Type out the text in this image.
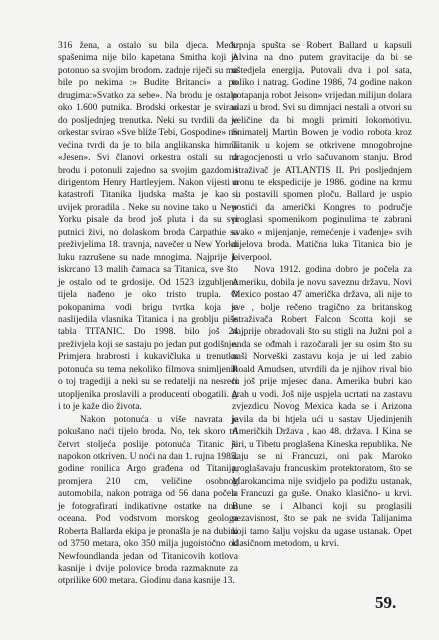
316 žena, a ostalo su bila djeca. Među spašenima nije bilo kapetana Smitha koji je potonuo sa svojim brodom. zadnje riječi su mu bile po nekima :» Budite Britanci» a po drugima:»Svatko za sebe». Na brodu je ostalo oko 1.600 putnika. Brodski orkestar je svirao do posljednjeg trenutka. Neki su tvrdili da je orkestar svirao «Sve bliže Tebi, Gospodine» no većina tvrdi da je to bila anglikanska himna «Jesen». Svi članovi orkestra ostali su na brodu i potonuli zajedno sa svojim gazdom i dirigentom Henry Hartleyjem. Nakon vijesti o katastrofi Titanika ljudska mašta je kao i uvijek proradila . Neke su novine tako u New Yorku pisale da brod još pluta i da su svi putnici živi, no dolaskom broda Carpathie sa preživjelima 18. travnja, navečer u New Yorku luku razrušene su nade mnogima. Najprije je iskrcano 13 malih čamaca sa Titanica, sve što je ostalo od te grdosije. Od 1523 izgubljena tijela nađeno je oko tristo trupla. O pokopanima vodi brigu tvrtka koja je naslijedila vlasnika Titanica i na groblju piše tabla TITANIC. Do 1998. bilo još 24 preživjela koji se sastaju po jedan put godišnje. Primjera hrabrosti i kukavičluka u trenutku potonuća su tema nekoliko filmova snimljenih o toj tragediji a neki su se redatelji na nesreći utopljenika proslavili a producenti obogatili. A i to je kaže dio života.

Nakon potonuća u više navrata je pokušano naći tijelo broda. No, tek skoro tri četvrt stoljeća poslije potonuća Titanic je napokon otkriven. U noći na dan 1. rujna 1985. godine ronilica Argo građena od Titanija, promjera 210 cm, veličine osobnog automobila, nakon potraga od 56 dana počela je fotografirati indikativne ostatke na dnu oceana. Pod vodstvom morskog geologa Roberta Ballarda ekipa je pronašla je na dubini od 3750 metara, oko 350 milja jugoistočno od Newfoundlanda jedan od Titanicovih kotlova kasnije i dvije polovice broda razmaknute za otprilike 600 metara. Giodinu dana kasnije 13.

srpnja spušta se Robert Ballard u kapsuli Alvina na dno putem gravitacije da bi se uštedjela energija. Putovali dva i pol sata, toliko i natrag. Godine 1986, 74 godine nakon potapanja robot Jeison» vrijedan milijun dolara ulazi u brod. Svi su dimnjaci nestali a otvori su veličine da bi mogli primiti lokomotivu. Snimatelj Martin Bowen je vodio robota kroz Titanik u kojem se otkrivene mnogobrojne dragocjenosti u vrlo sačuvanom stanju. Brod istraživač je ATLANTIS II. Pri posljednjem uronu te ekspedicije je 1986. godine na krmu su postavili spomen ploču. Ballard je uspio postići da američki Kongres to područje proglasi spomenikom poginulima te zabrani svako « mijenjanje, remećenje i vađenje» svih dijelova broda. Matična luka Titanica bio je Liverpool.

Nova 1912. godina dobro je počela za Ameriku, dobila je novu saveznu državu. Novi Mexico postao 47 američka država, ali nije to sve , bolje rečeno tragično za britanskog istraživača Robert Falcon Scotta koji se najprije obradovali što su stigli na Južni pol a onda se ođmah i razočarali jer su osim što su naši Norveški zastavu koja je ui led zabio Roald Amudsen, utvrdili da je njihov rival bio tu još prije mjesec dana. Amerika bubri kao grah u vodi. Još nije uspjela ucrtati na zastavu zvjezdicu Novog Mexica kada se i Arizona javila da bi htjela ući u sastav Ujedinjenih Američkih Država , kao 48. država. I Kina se širi, u Tibetu proglašena Kineska republika. Ne daju se ni Francuzi, oni pak Maroko proglašavaju francuskim protektoratom, što se Marokancima nije svidjelo pa podižu ustanak, a Francuzi ga guše. Onako klasično- u krvi. Bune se i Albanci koji su proglasili nezavisnost, što se pak ne svida Talijanima koji tamo šalju vojsku da ugase ustanak. Opet klasičnom metodom, u krvi.

59.
